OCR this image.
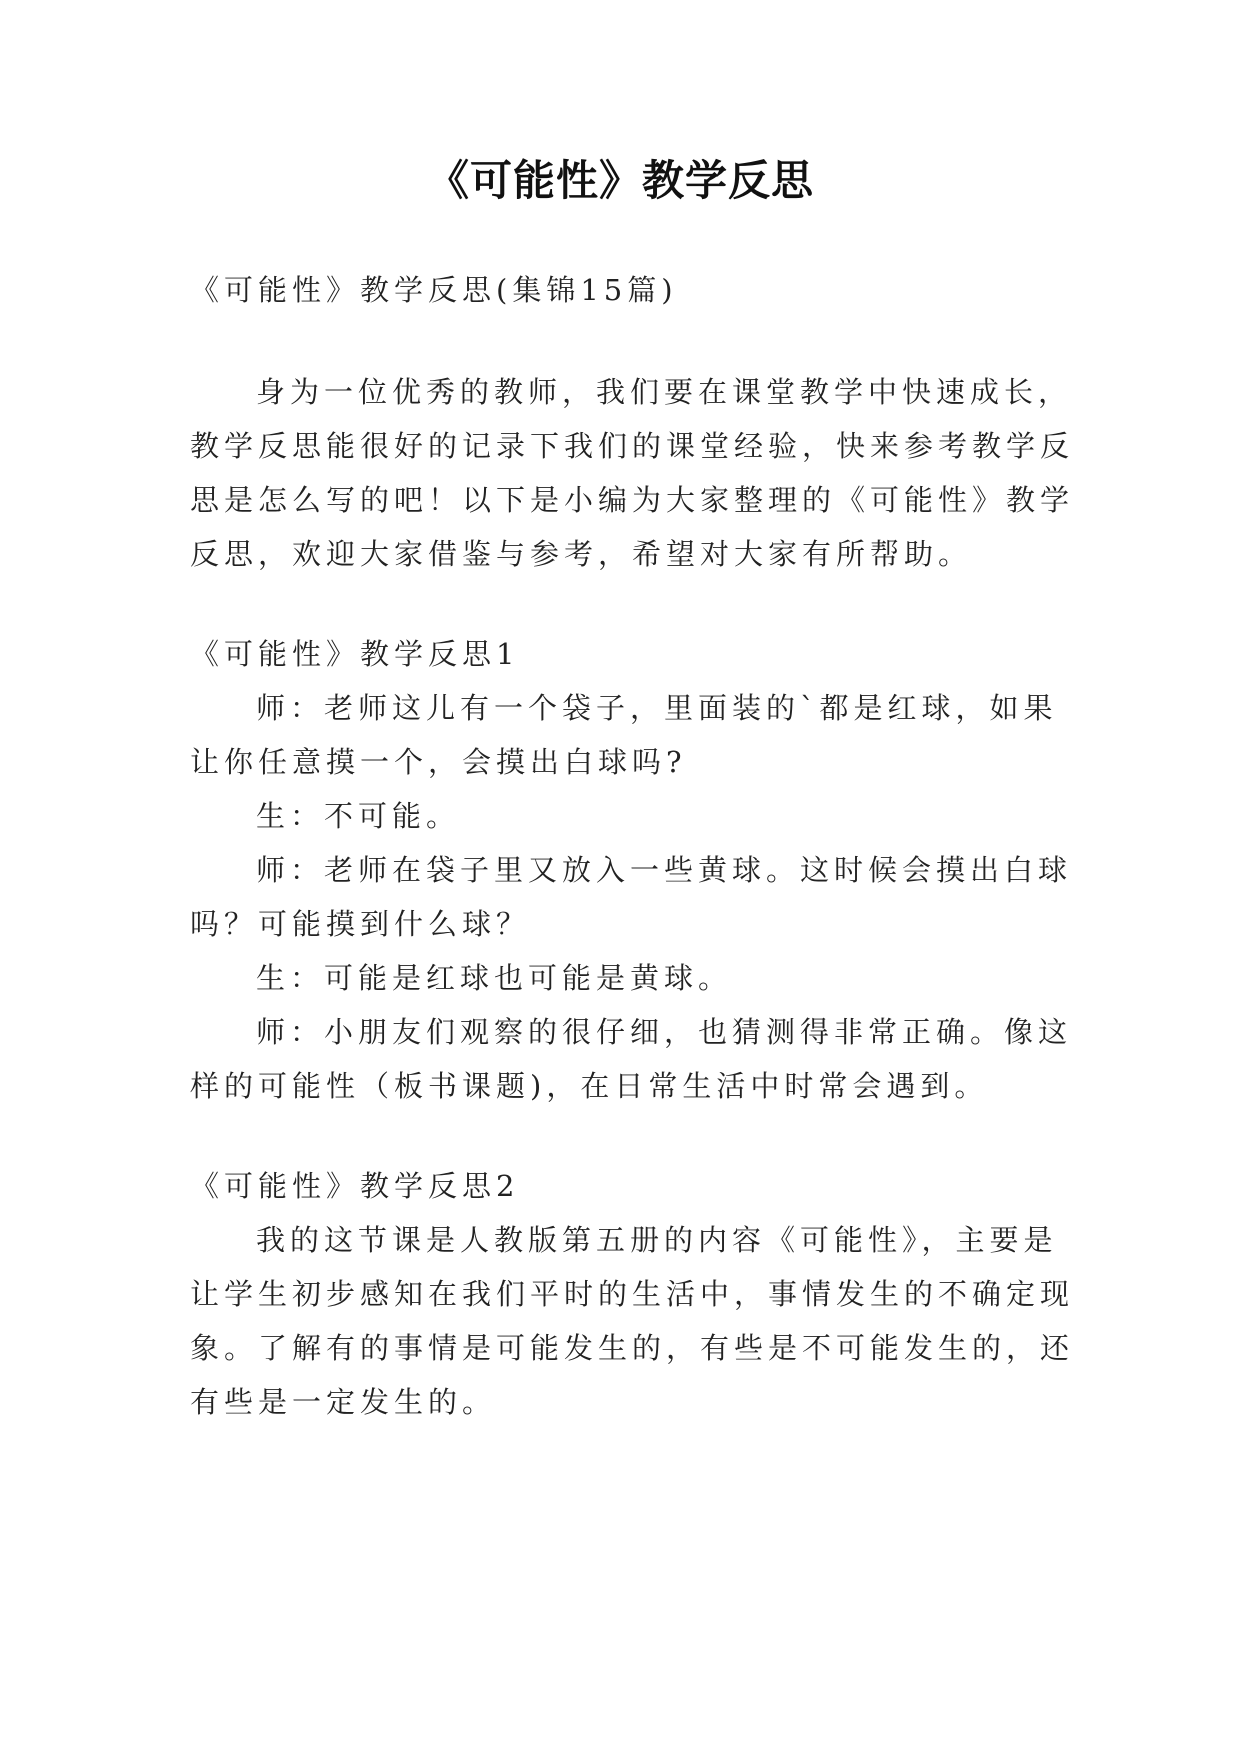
《可能性》教学反思
《可能性》教学反思(集锦15篇)
身为一位优秀的教师，我们要在课堂教学中快速成长，
教学反思能很好的记录下我们的课堂经验，快来参考教学反
思是怎么写的吧！以下是小编为大家整理的《可能性》教学
反思，欢迎大家借鉴与参考，希望对大家有所帮助。
《可能性》教学反思1
师：老师这儿有一个袋子，里面装的`都是红球，如果
让你任意摸一个，会摸出白球吗?
生：不可能。
师：老师在袋子里又放入一些黄球。这时候会摸出白球
吗？可能摸到什么球？
生：可能是红球也可能是黄球。
师：小朋友们观察的很仔细，也猜测得非常正确。像这
样的可能性（板书课题)，在日常生活中时常会遇到。
《可能性》教学反思2
我的这节课是人教版第五册的内容《可能性》，主要是
让学生初步感知在我们平时的生活中，事情发生的不确定现
象。了解有的事情是可能发生的，有些是不可能发生的，还
有些是一定发生的。
